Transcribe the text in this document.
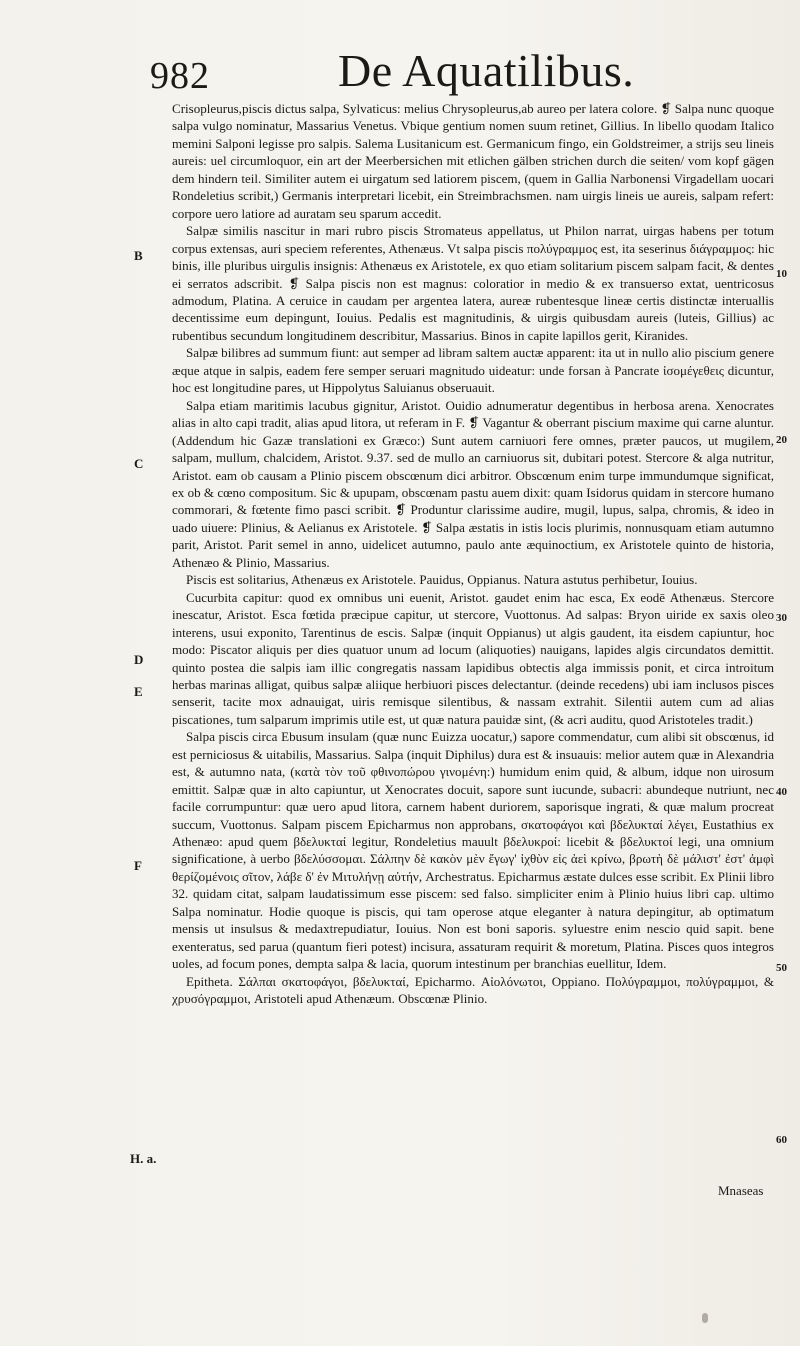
982	De Aquatilibus.

Crisopleurus,piscis dictus salpa, Sylvaticus: melius Chrysopleurus,ab aureo per latera colore. ❡ Salpa nunc quoque salpa vulgo nominatur, Massarius Venetus. Vbique gentium nomen suum retinet, Gillius. In libello quodam Italico memini Salponi legisse pro salpis. Salema Lusitanicum est. Germanicum fingo, ein Goldstreimer, a strijs seu lineis aureis: uel circumloquor, ein art der Meerbersichen mit etlichen gälben strichen durch die seiten/ vom kopf gägen dem hindern teil. Similiter autem ei uirgatum sed latiorem piscem, (quem in Gallia Narbonensi Virgadellam uocari Rondeletius scribit,) Germanis interpretari licebit, ein Streimbrachsmen. nam uirgis lineis ue aureis, salpam refert: corpore uero latiore ad auratam seu sparum accedit.

Salpæ similis nascitur in mari rubro piscis Stromateus appellatus, ut Philon narrat, uirgas habens per totum corpus extensas, auri speciem referentes, Athenæus. Vt salpa piscis πολύγραμμος est, ita seserinus διάγραμμος: hic binis, ille pluribus uirgulis insignis: Athenæus ex Aristotele, ex quo etiam solitarium piscem salpam facit, & dentes ei serratos adscribit. ❡ Salpa piscis non est magnus: coloratior in medio & ex transuerso extat, uentricosus admodum, Platina. A ceruice in caudam per argentea latera, aureæ rubentesque lineæ certis distinctæ interuallis decentissime eum depingunt, Iouius. Pedalis est magnitudinis, & uirgis quibusdam aureis (luteis, Gillius) ac rubentibus secundum longitudinem describitur, Massarius. Binos in capite lapillos gerit, Kiranides.

Salpæ bilibres ad summum fiunt: aut semper ad libram saltem auctæ apparent: ita ut in nullo alio piscium genere æque atque in salpis, eadem fere semper seruari magnitudo uideatur: unde forsan à Pancrate ἰσομέγεθεις dicuntur, hoc est longitudine pares, ut Hippolytus Saluianus obseruauit.

Salpa etiam maritimis lacubus gignitur, Aristot. Ouidio adnumeratur degentibus in herbosa arena. Xenocrates alias in alto capi tradit, alias apud litora, ut referam in F. ❡ Vagantur & oberrant piscium maxime qui carne aluntur. (Addendum hic Gazæ translationi ex Græco:) Sunt autem carniuori fere omnes, præter paucos, ut mugilem, salpam, mullum, chalcidem, Aristot. 9.37. sed de mullo an carniuorus sit, dubitari potest. Stercore & alga nutritur, Aristot. eam ob causam a Plinio piscem obscœnum dici arbitror. Obscœnum enim turpe immundumque significat, ex ob & cœno compositum. Sic & upupam, obscœnam pastu auem dixit: quam Isidorus quidam in stercore humano commorari, & fœtente fimo pasci scribit. ❡ Produntur clarissime audire, mugil, lupus, salpa, chromis, & ideo in uado uiuere: Plinius, & Aelianus ex Aristotele. ❡ Salpa æstatis in istis locis plurimis, nonnusquam etiam autumno parit, Aristot. Parit semel in anno, uidelicet autumno, paulo ante æquinoctium, ex Aristotele quinto de historia, Athenæo & Plinio, Massarius.

Piscis est solitarius, Athenæus ex Aristotele. Pauidus, Oppianus. Natura astutus perhibetur, Iouius.

Cucurbita capitur: quod ex omnibus uni euenit, Aristot. gaudet enim hac esca, Ex eodē Athenæus. Stercore inescatur, Aristot. Esca fœtida præcipue capitur, ut stercore, Vuottonus. Ad salpas: Bryon uiride ex saxis oleo interens, usui exponito, Tarentinus de escis. Salpæ (inquit Oppianus) ut algis gaudent, ita eisdem capiuntur, hoc modo: Piscator aliquis per dies quatuor unum ad locum (aliquoties) nauigans, lapides algis circundatos demittit. quinto postea die salpis iam illic congregatis nassam lapidibus obtectis alga immissis ponit, et circa introitum herbas marinas alligat, quibus salpæ aliique herbiuori pisces delectantur. (deinde recedens) ubi iam inclusos pisces senserit, tacite mox adnauigat, uiris remisque silentibus, & nassam extrahit. Silentii autem cum ad alias piscationes, tum salparum imprimis utile est, ut quæ natura pauidæ sint, (& acri auditu, quod Aristoteles tradit.)

Salpa piscis circa Ebusum insulam (quæ nunc Euizza uocatur,) sapore commendatur, cum alibi sit obscœnus, id est perniciosus & uitabilis, Massarius. Salpa (inquit Diphilus) dura est & insuauis: melior autem quæ in Alexandria est, & autumno nata, (κατὰ τὸν τοῦ φθινοπώρου γινομένη:) humidum enim quid, & album, idque non uirosum emittit. Salpæ quæ in alto capiuntur, ut Xenocrates docuit, sapore sunt iucunde, subacri: abundeque nutriunt, nec facile corrumpuntur: quæ uero apud litora, carnem habent duriorem, saporisque ingrati, & quæ malum procreat succum, Vuottonus. Salpam piscem Epicharmus non approbans, σκατοφάγοι καὶ βδελυκταί λέγει, Eustathius ex Athenæo: apud quem βδελυκταί legitur, Rondeletius mauult βδελυκροί: licebit & βδελυκτοί legi, una omnium significatione, à uerbo βδελύσσομαι. Σάλπην δὲ κακὸν μὲν ἔγωγ' ἰχθὺν εἰς ἀεὶ κρίνω, βρωτὴ δὲ μάλιστ' ἐστ' ἀμφὶ θερίζομένοις σῖτον, λάβε δ' ἐν Μιτυλήνῃ αὐτήν, Archestratus. Epicharmus æstate dulces esse scribit. Ex Plinii libro 32. quidam citat, salpam laudatissimum esse piscem: sed falso. simpliciter enim à Plinio huius libri cap. ultimo Salpa nominatur. Hodie quoque is piscis, qui tam operose atque eleganter à natura depingitur, ab optimatum mensis ut insulsus & medaxtrepudiatur, Iouius. Non est boni saporis. syluestre enim nescio quid sapit. bene exenteratus, sed parua (quantum fieri potest) incisura, assaturam requirit & moretum, Platina. Pisces quos integros uoles, ad focum pones, dempta salpa & lacia, quorum intestinum per branchias euellitur, Idem.

Epitheta. Σάλπαι σκατοφάγοι, βδελυκταί, Epicharmo. Αἰολόνωτοι, Oppiano. Πολύγραμμοι, πολύγραμμοι, & χρυσόγραμμοι, Aristoteli apud Athenæum. Obscœnæ Plinio.

B
C
D
E
F
10
20
30
40
50
60
H. a.
Mnaseas
